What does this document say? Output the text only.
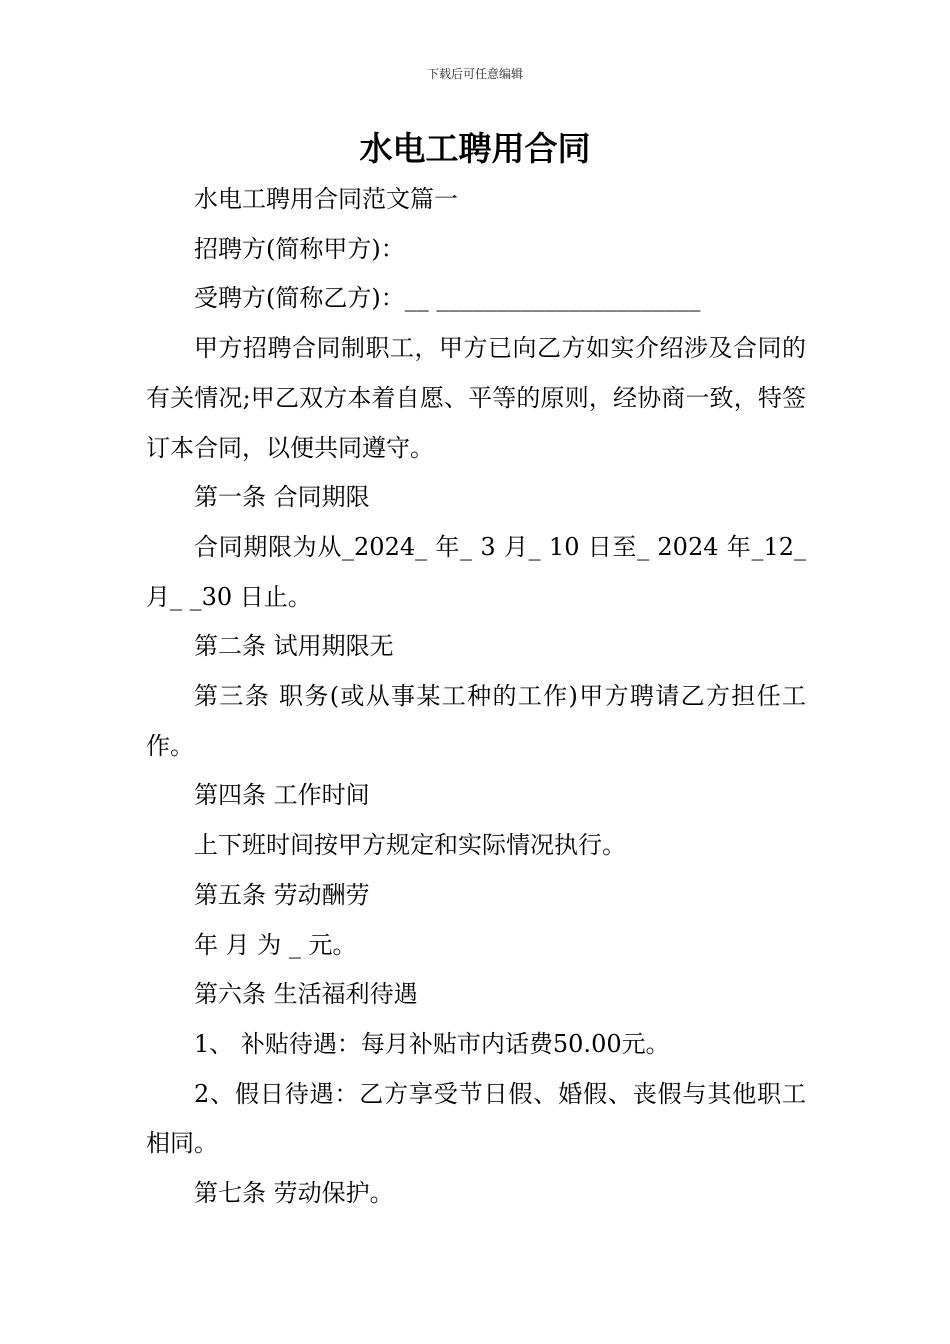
下载后可任意编辑
水电工聘用合同

水电工聘用合同范文篇一

招聘方(简称甲方)：

受聘方(简称乙方)：__ ______________________

甲方招聘合同制职工，甲方已向乙方如实介绍涉及合同的有关情况;甲乙双方本着自愿、平等的原则，经协商一致，特签订本合同，以便共同遵守。

第一条 合同期限

合同期限为从_2024_ 年_ 3 月_ 10 日至_ 2024 年_12_ 月_ _30 日止。

第二条 试用期限无

第三条 职务(或从事某工种的工作)甲方聘请乙方担任工作。

第四条 工作时间

上下班时间按甲方规定和实际情况执行。

第五条 劳动酬劳

年 月 为 _ 元。

第六条 生活福利待遇

1、 补贴待遇：每月补贴市内话费50.00元。

2、假日待遇：乙方享受节日假、婚假、丧假与其他职工相同。

第七条 劳动保护。
